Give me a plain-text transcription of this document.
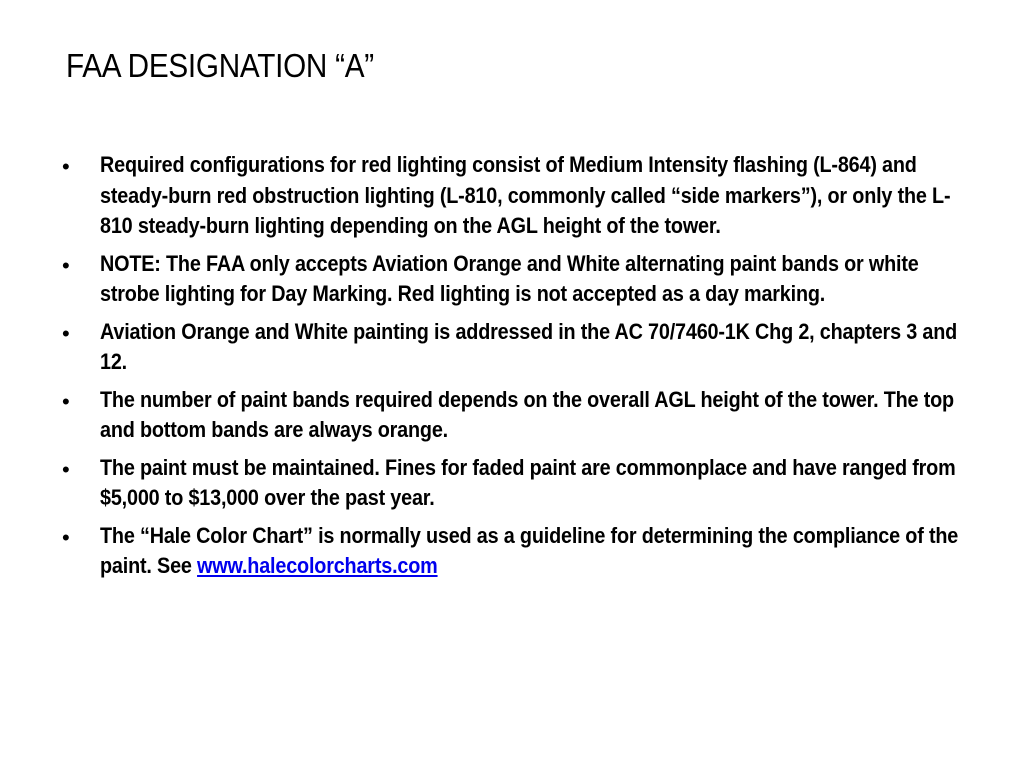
FAA DESIGNATION “A”
• Required configurations for red lighting consist of Medium Intensity flashing (L-864) and steady-burn red obstruction lighting (L-810, commonly called “side markers”), or only the L-810 steady-burn lighting depending on the AGL height of the tower.
• NOTE: The FAA only accepts Aviation Orange and White alternating paint bands or white strobe lighting for Day Marking. Red lighting is not accepted as a day marking.
• Aviation Orange and White painting is addressed in the AC 70/7460-1K Chg 2, chapters 3 and 12.
• The number of paint bands required depends on the overall AGL height of the tower. The top and bottom bands are always orange.
• The paint must be maintained. Fines for faded paint are commonplace and have ranged from $5,000 to $13,000 over the past year.
• The “Hale Color Chart” is normally used as a guideline for determining the compliance of the paint. See www.halecolorcharts.com
